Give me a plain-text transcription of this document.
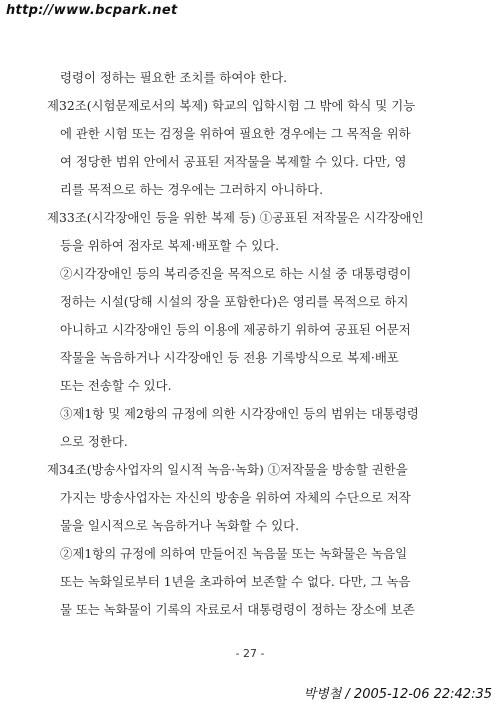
http://www.bcpark.net
령령이 정하는 필요한 조치를 하여야 한다.
제32조(시험문제로서의 복제) 학교의 입학시험 그 밖에 학식 및 기능
에 관한 시험 또는 검정을 위하여 필요한 경우에는 그 목적을 위하
여 정당한 범위 안에서 공표된 저작물을 복제할 수 있다. 다만, 영
리를 목적으로 하는 경우에는 그러하지 아니하다.
제33조(시각장애인 등을 위한 복제 등) ①공표된 저작물은 시각장애인
등을 위하여 점자로 복제·배포할 수 있다.
②시각장애인 등의 복리증진을 목적으로 하는 시설 중 대통령령이
정하는 시설(당해 시설의 장을 포함한다)은 영리를 목적으로 하지
아니하고 시각장애인 등의 이용에 제공하기 위하여 공표된 어문저
작물을 녹음하거나 시각장애인 등 전용 기록방식으로 복제·배포
또는 전송할 수 있다.
③제1항 및 제2항의 규정에 의한 시각장애인 등의 범위는 대통령령
으로 정한다.
제34조(방송사업자의 일시적 녹음·녹화) ①저작물을 방송할 권한을
가지는 방송사업자는 자신의 방송을 위하여 자체의 수단으로 저작
물을 일시적으로 녹음하거나 녹화할 수 있다.
②제1항의 규정에 의하여 만들어진 녹음물 또는 녹화물은 녹음일
또는 녹화일로부터 1년을 초과하여 보존할 수 없다. 다만, 그 녹음
물 또는 녹화물이 기록의 자료로서 대통령령이 정하는 장소에 보존
- 27 -
박병철 / 2005-12-06 22:42:35
